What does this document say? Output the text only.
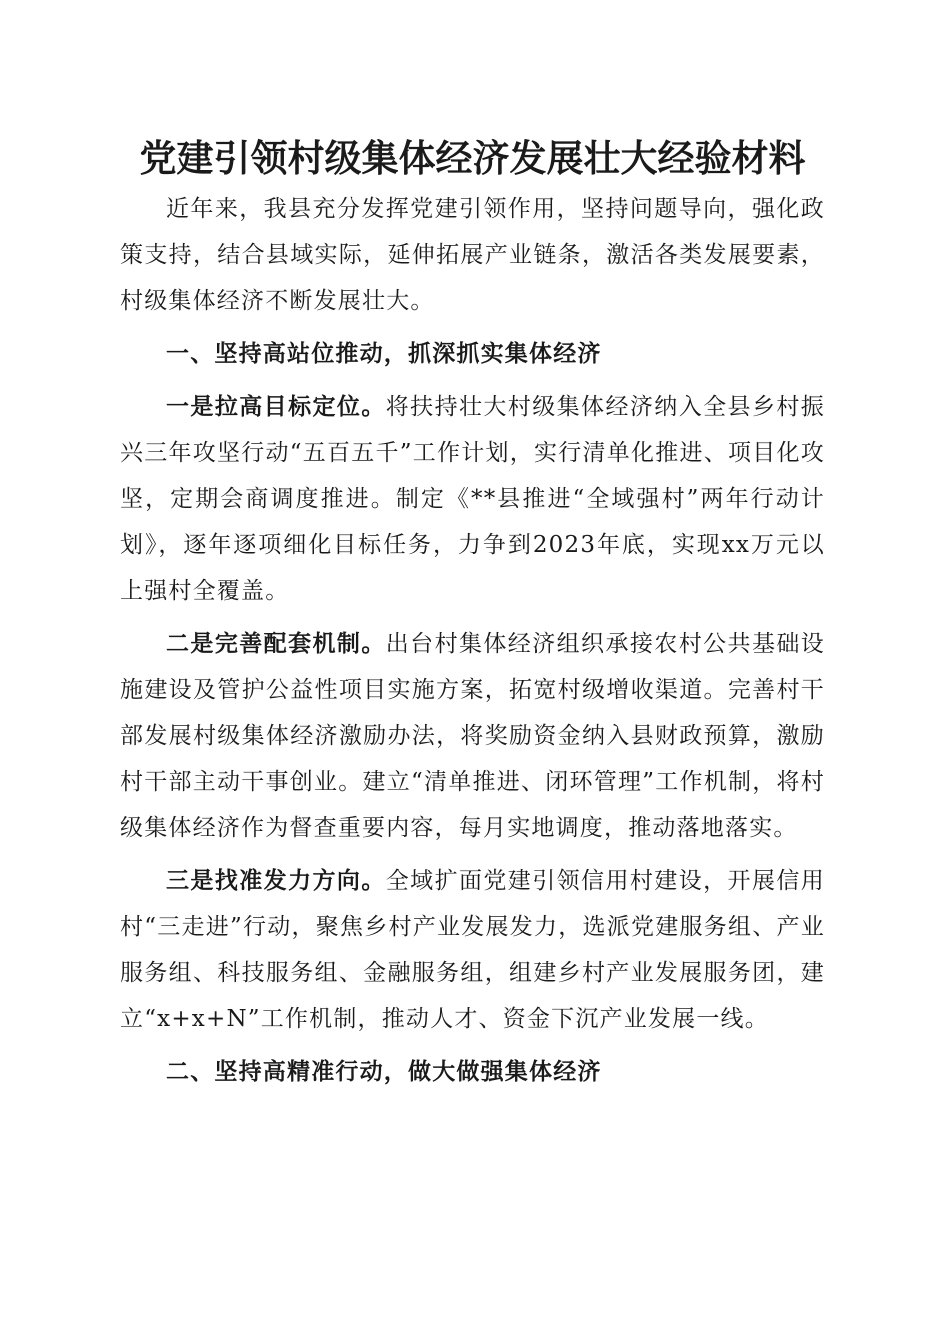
党建引领村级集体经济发展壮大经验材料

近年来，我县充分发挥党建引领作用，坚持问题导向，强化政策支持，结合县域实际，延伸拓展产业链条，激活各类发展要素，村级集体经济不断发展壮大。

一、坚持高站位推动，抓深抓实集体经济

一是拉高目标定位。将扶持壮大村级集体经济纳入全县乡村振兴三年攻坚行动“五百五千”工作计划，实行清单化推进、项目化攻坚，定期会商调度推进。制定《**县推进“全域强村”两年行动计划》，逐年逐项细化目标任务，力争到2023年底，实现xx万元以上强村全覆盖。

二是完善配套机制。出台村集体经济组织承接农村公共基础设施建设及管护公益性项目实施方案，拓宽村级增收渠道。完善村干部发展村级集体经济激励办法，将奖励资金纳入县财政预算，激励村干部主动干事创业。建立“清单推进、闭环管理”工作机制，将村级集体经济作为督查重要内容，每月实地调度，推动落地落实。

三是找准发力方向。全域扩面党建引领信用村建设，开展信用村“三走进”行动，聚焦乡村产业发展发力，选派党建服务组、产业服务组、科技服务组、金融服务组，组建乡村产业发展服务团，建立“x+x+N”工作机制，推动人才、资金下沉产业发展一线。

二、坚持高精准行动，做大做强集体经济
